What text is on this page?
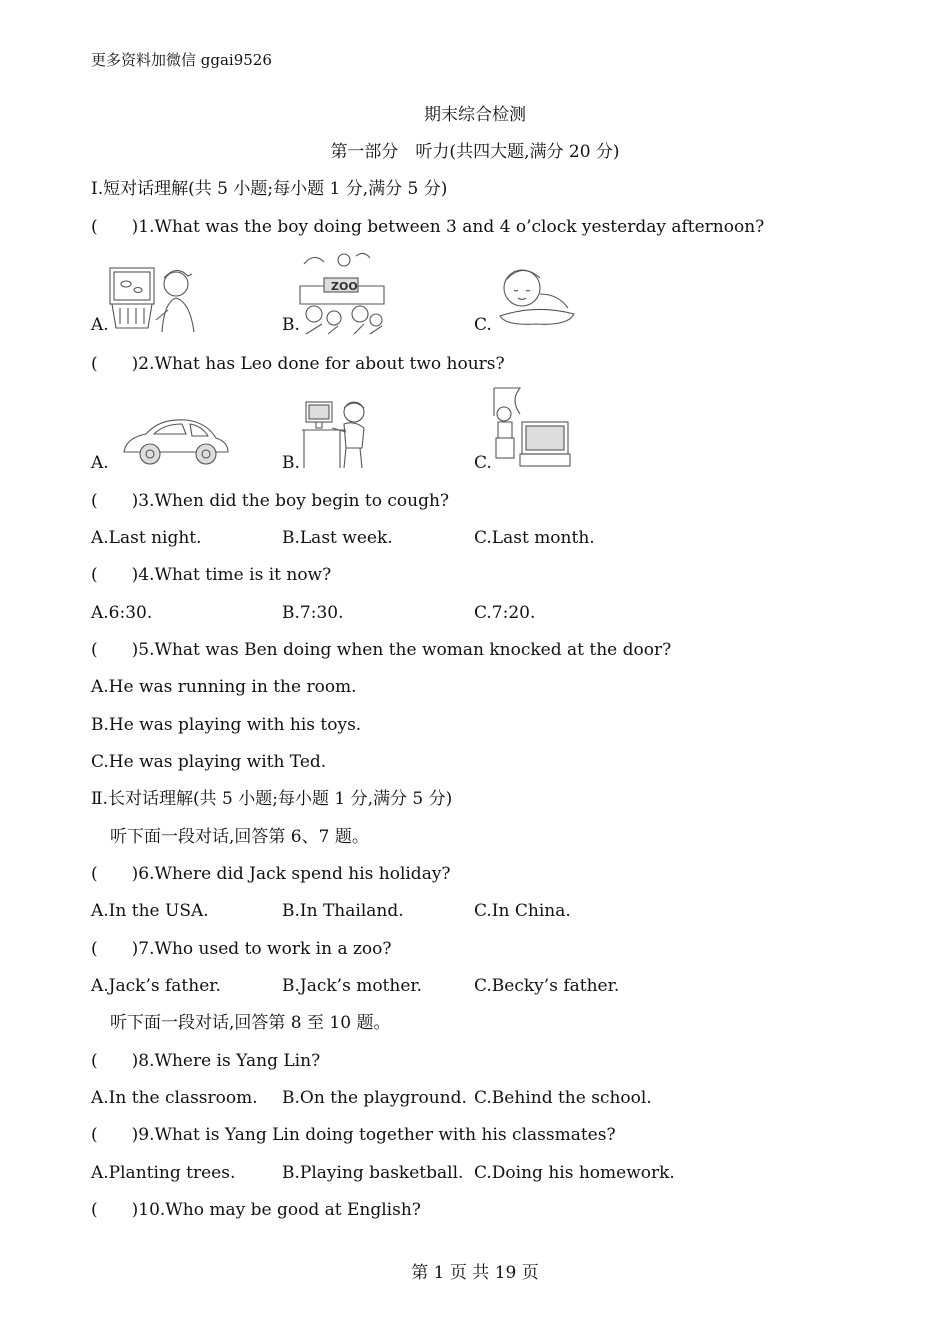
更多资料加微信 ggai9526
期末综合检测
第一部分　听力(共四大题,满分 20 分)
Ⅰ.短对话理解(共 5 小题;每小题 1 分,满分 5 分)
(　　)1.What was the boy doing between 3 and 4 o’clock yesterday afternoon?
A.	B.	C.
ZOO
(　　)2.What has Leo done for about two hours?
A.	B.	C.
(　　)3.When did the boy begin to cough?
A.Last night.	B.Last week.	C.Last month.
(　　)4.What time is it now?
A.6:30.	B.7:30.	C.7:20.
(　　)5.What was Ben doing when the woman knocked at the door?
A.He was running in the room.
B.He was playing with his toys.
C.He was playing with Ted.
Ⅱ.长对话理解(共 5 小题;每小题 1 分,满分 5 分)
听下面一段对话,回答第 6、7 题。
(　　)6.Where did Jack spend his holiday?
A.In the USA.	B.In Thailand.	C.In China.
(　　)7.Who used to work in a zoo?
A.Jack’s father.	B.Jack’s mother.	C.Becky’s father.
听下面一段对话,回答第 8 至 10 题。
(　　)8.Where is Yang Lin?
A.In the classroom. B.On the playground. C.Behind the school.
(　　)9.What is Yang Lin doing together with his classmates?
A.Planting trees.	B.Playing basketball. C.Doing his homework.
(　　)10.Who may be good at English?
第 1 页 共 19 页
